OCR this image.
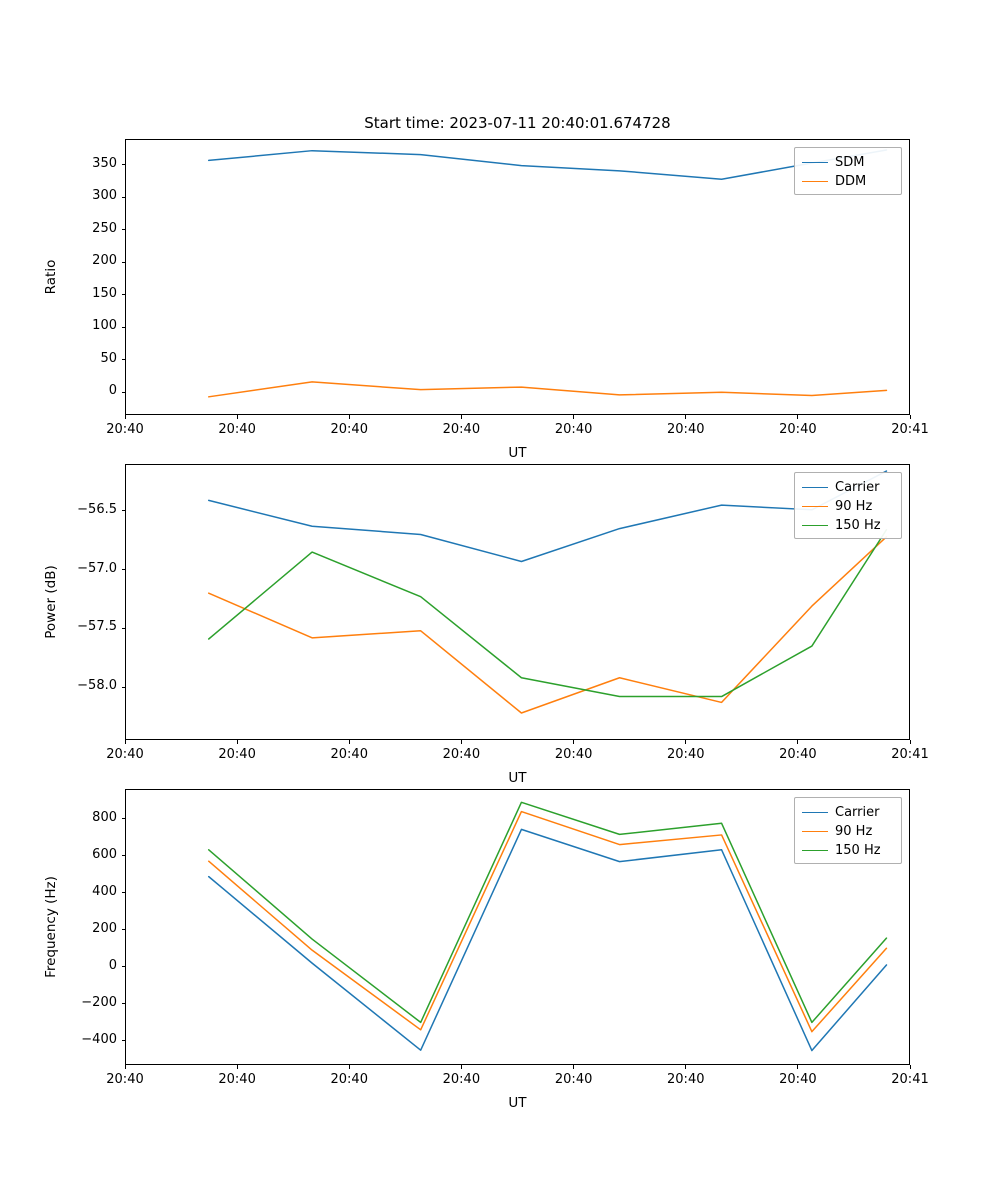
20:40	20:40	20:40	20:40	20:40	20:40	20:40	20:41
0
50
100
150
200
250
300
350
UT
Ratio
Start time: 2023-07-11 20:40:01.674728
SDM
DDM
20:40	20:40	20:40	20:40	20:40	20:40	20:40	20:41
−58.0
−57.5
−57.0
−56.5
UT
Power (dB)
Carrier
90 Hz
150 Hz
20:40	20:40	20:40	20:40	20:40	20:40	20:40	20:41
−400
−200
0
200
400
600
800
UT
Frequency (Hz)
Carrier
90 Hz
150 Hz
